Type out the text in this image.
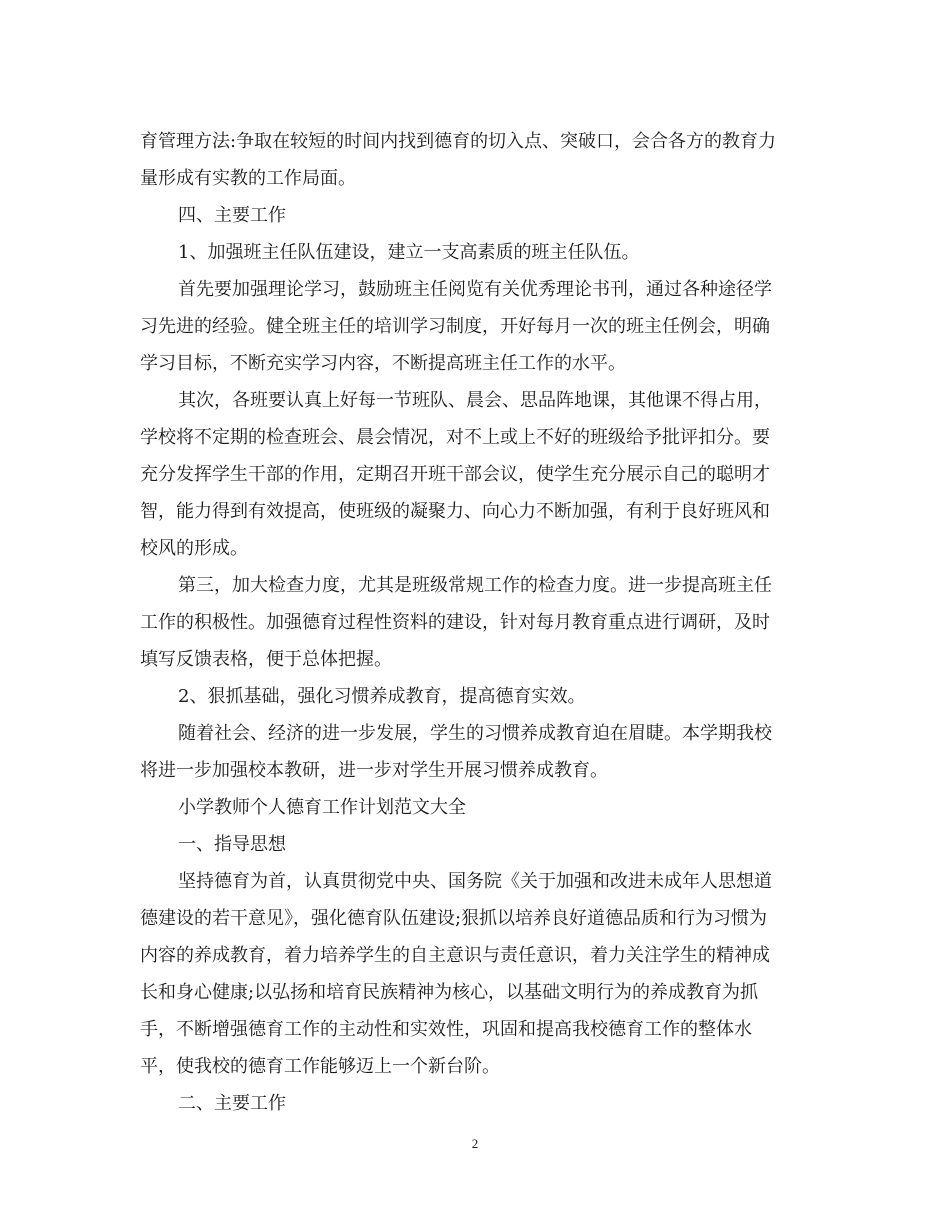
育管理方法:争取在较短的时间内找到德育的切入点、突破口，会合各方的教育力
量形成有实教的工作局面。
四、主要工作
1、加强班主任队伍建设，建立一支高素质的班主任队伍。
首先要加强理论学习，鼓励班主任阅览有关优秀理论书刊，通过各种途径学
习先进的经验。健全班主任的培训学习制度，开好每月一次的班主任例会，明确
学习目标，不断充实学习内容，不断提高班主任工作的水平。
其次，各班要认真上好每一节班队、晨会、思品阵地课，其他课不得占用，
学校将不定期的检查班会、晨会情况，对不上或上不好的班级给予批评扣分。要
充分发挥学生干部的作用，定期召开班干部会议，使学生充分展示自己的聪明才
智，能力得到有效提高，使班级的凝聚力、向心力不断加强，有利于良好班风和
校风的形成。
第三，加大检查力度，尤其是班级常规工作的检查力度。进一步提高班主任
工作的积极性。加强德育过程性资料的建设，针对每月教育重点进行调研，及时
填写反馈表格，便于总体把握。
2、狠抓基础，强化习惯养成教育，提高德育实效。
随着社会、经济的进一步发展，学生的习惯养成教育迫在眉睫。本学期我校
将进一步加强校本教研，进一步对学生开展习惯养成教育。
小学教师个人德育工作计划范文大全
一、指导思想
坚持德育为首，认真贯彻党中央、国务院《关于加强和改进未成年人思想道
德建设的若干意见》，强化德育队伍建设;狠抓以培养良好道德品质和行为习惯为
内容的养成教育，着力培养学生的自主意识与责任意识，着力关注学生的精神成
长和身心健康;以弘扬和培育民族精神为核心，以基础文明行为的养成教育为抓
手，不断增强德育工作的主动性和实效性，巩固和提高我校德育工作的整体水
平，使我校的德育工作能够迈上一个新台阶。
二、主要工作
2
